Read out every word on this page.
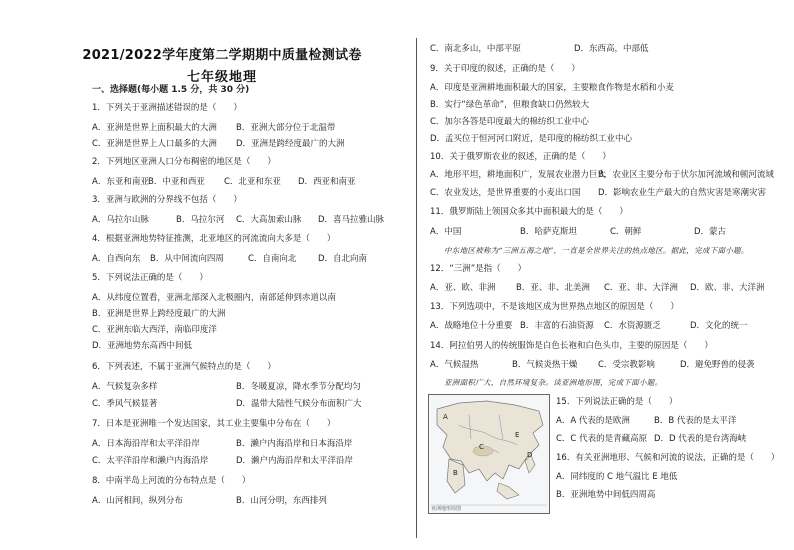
2021/2022学年度第二学期期中质量检测试卷
七年级地理
一、选择题(每小题 1.5 分，共 30 分)
1．下列关于亚洲描述错误的是（　　）
A．亚洲是世界上面积最大的大洲 B．亚洲大部分位于北温带
C．亚洲是世界上人口最多的大洲 D．亚洲是跨经度最广的大洲
2．下列地区亚洲人口分布稠密的地区是（　　）
A．东亚和南亚 B．中亚和西亚 C．北亚和东亚 D．西亚和南亚
3．亚洲与欧洲的分界线不包括（　　）
A．乌拉尔山脉	B．乌拉尔河 C．大高加索山脉 D．喜马拉雅山脉
4．根据亚洲地势特征推测，北亚地区的河流流向大多是（　　）
A．自西向东 B．从中间流向四周	C．自南向北	D．自北向南
5．下列说法正确的是（　　）
A．从纬度位置看，亚洲北部深入北极圈内，南部延伸到赤道以南
B．亚洲是世界上跨经度最广的大洲
C．亚洲东临大西洋，南临印度洋
D．亚洲地势东高西中间低
6．下列表述，不属于亚洲气候特点的是（　　）
A．气候复杂多样	B．冬暖夏凉，降水季节分配均匀
C．季风气候显著	D．温带大陆性气候分布面积广大
7．日本是亚洲唯一个发达国家，其工业主要集中分布在（　　）
A．日本海沿岸和太平洋沿岸	B．濑户内海沿岸和日本海沿岸
C．太平洋沿岸和濑户内海沿岸	D．濑户内海沿岸和太平洋沿岸
8．中南半岛上河流的分布特点是（　　）
A．山河相间，纵列分布	B．山河分明，东西排列
C．南北多山，中部平原	D．东西高，中部低
9．关于印度的叙述，正确的是（　　）
A．印度是亚洲耕地面积最大的国家，主要粮食作物是水稻和小麦
B．实行“绿色革命”，但粮食缺口仍然较大
C．加尔各答是印度最大的棉纺织工业中心
D．孟买位于恒河河口附近，是印度的棉纺织工业中心
10．关于俄罗斯农业的叙述，正确的是（　　）
A．地形平坦，耕地面积广，发展农业潜力巨大
B．农业区主要分布于伏尔加河流域和顿河流域
C．农业发达，是世界重要的小麦出口国 D．影响农业生产最大的自然灾害是寒潮灾害
11．俄罗斯陆上领国众多其中面积最大的是（　　）
A．中国	B．哈萨克斯坦	C．朝鲜	D．蒙古
中东地区被称为“三洲五海之地”，一直是全世界关注的热点地区。据此，完成下面小题。
12．“三洲”是指（　　）
A．亚、欧、非洲 B．亚、非、北美洲 C．亚、非、大洋洲 D．欧、非、大洋洲
13．下列选项中，不是该地区成为世界热点地区的原因是（　　）
A．战略地位十分重要 B．丰富的石油资源 C．水资源匮乏	D．文化的统一
14．阿拉伯男人的传统服饰是白色长袍和白色头巾，主要的原因是（　　）
A．气候湿热	B．气候炎热干燥 C．受宗教影响	D．避免野兽的侵袭
亚洲面积广大，自然环境复杂。读亚洲地形图，完成下面小题。
A
B
C
D
E
亚洲地形简图
15．下列说法正确的是（　　）
A．A 代表的是欧洲	B．B 代表的是太平洋
C．C 代表的是青藏高原 D．D 代表的是台湾海峡
16．有关亚洲地形、气候和河流的说法，正确的是（　　）
A．同纬度的 C 地气温比 E 地低
B．亚洲地势中间低四周高
